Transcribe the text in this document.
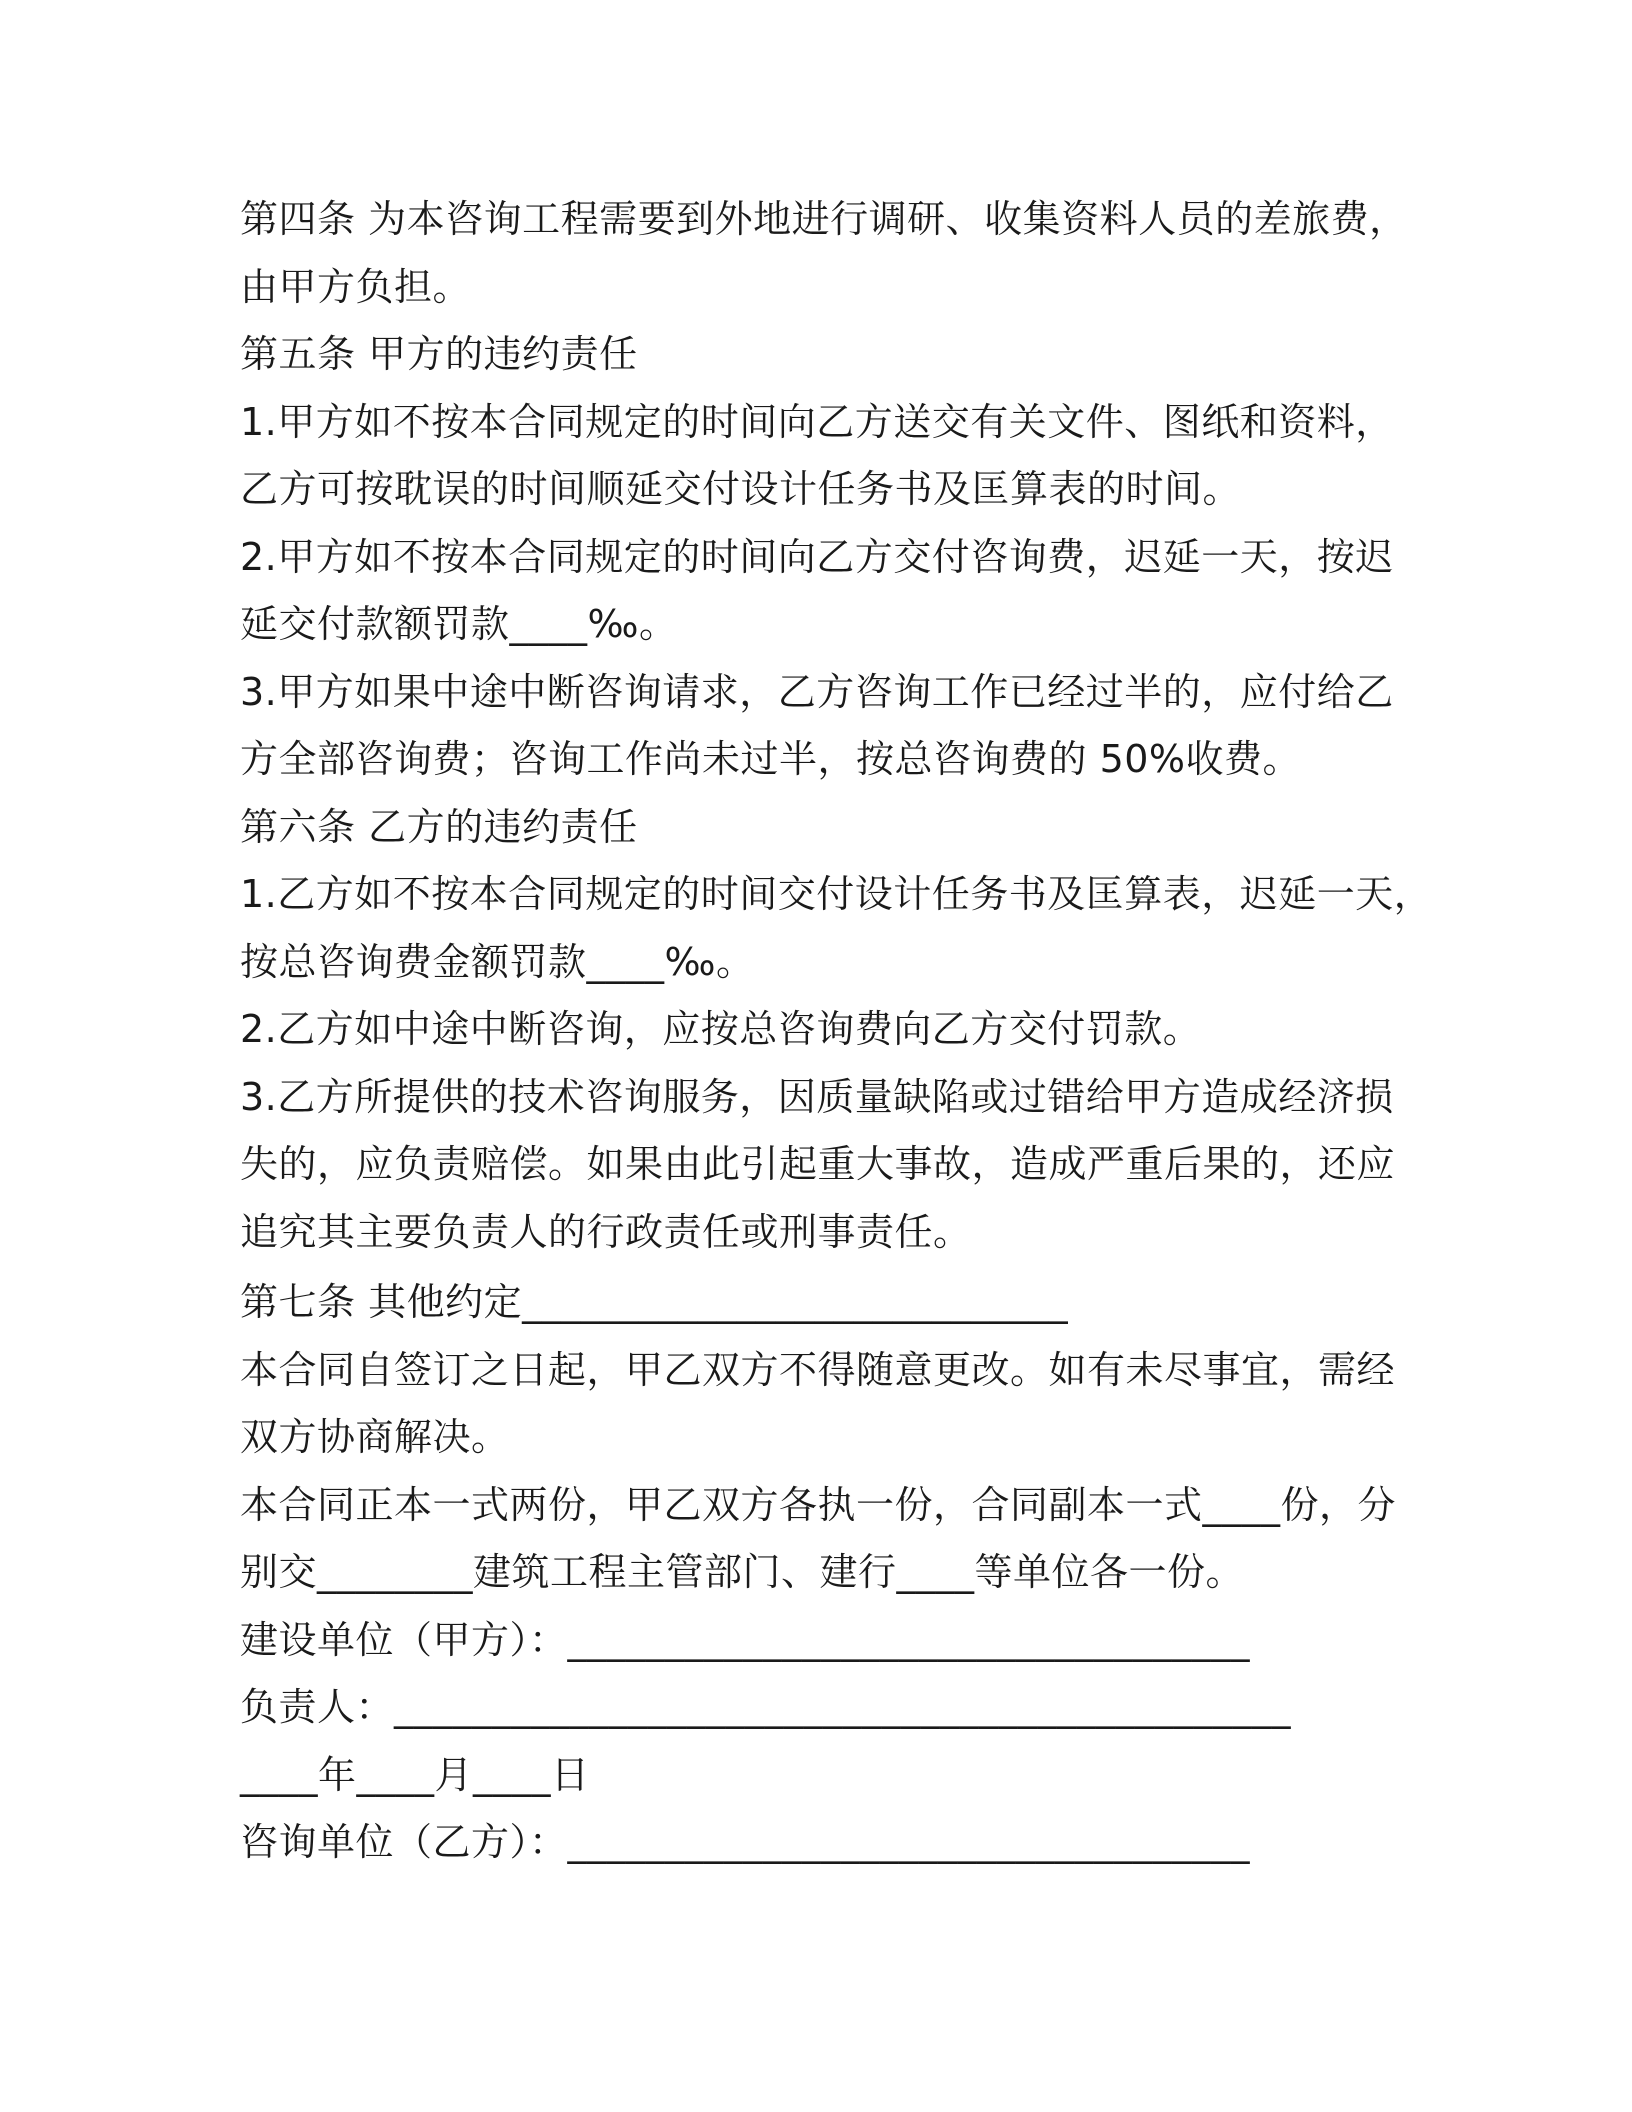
第四条 为本咨询工程需要到外地进行调研、收集资料人员的差旅费，

由甲方负担。

第五条 甲方的违约责任

1.甲方如不按本合同规定的时间向乙方送交有关文件、图纸和资料，

乙方可按耽误的时间顺延交付设计任务书及匡算表的时间。

2.甲方如不按本合同规定的时间向乙方交付咨询费，迟延一天，按迟

延交付款额罚款____‰。

3.甲方如果中途中断咨询请求，乙方咨询工作已经过半的，应付给乙

方全部咨询费；咨询工作尚未过半，按总咨询费的 50%收费。

第六条 乙方的违约责任

1.乙方如不按本合同规定的时间交付设计任务书及匡算表，迟延一天，

按总咨询费金额罚款____‰。

2.乙方如中途中断咨询，应按总咨询费向乙方交付罚款。

3.乙方所提供的技术咨询服务，因质量缺陷或过错给甲方造成经济损

失的，应负责赔偿。如果由此引起重大事故，造成严重后果的，还应

追究其主要负责人的行政责任或刑事责任。

第七条 其他约定____________________________

本合同自签订之日起，甲乙双方不得随意更改。如有未尽事宜，需经

双方协商解决。

本合同正本一式两份，甲乙双方各执一份，合同副本一式____份，分

别交________建筑工程主管部门、建行____等单位各一份。

建设单位（甲方）：___________________________________

负责人：______________________________________________

____年____月____日

咨询单位（乙方）：___________________________________
